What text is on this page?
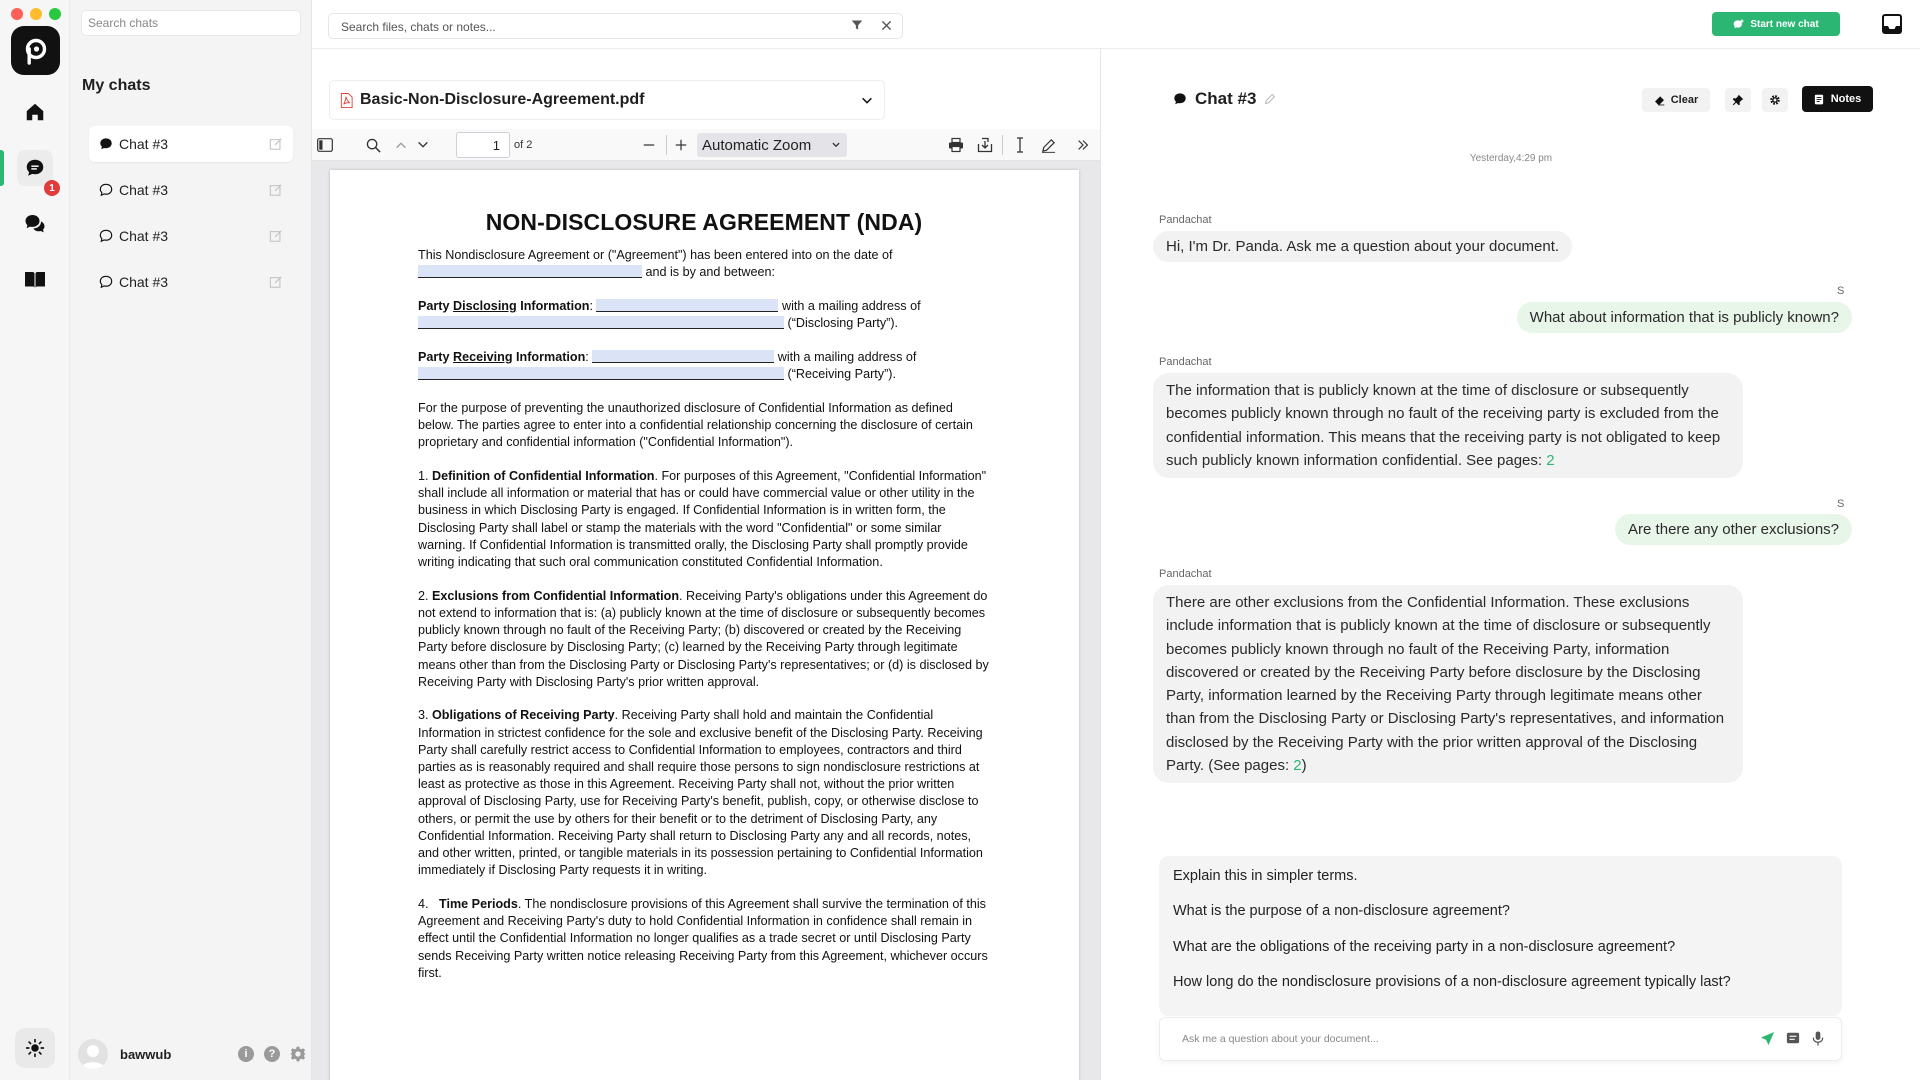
1
Search chats
My chats
Chat #3
Chat #3
Chat #3
Chat #3
bawwub	i	?
Search files, chats or notes...	Start new chat
Basic-Non-Disclosure-Agreement.pdf
1	of 2	Automatic Zoom
NON-DISCLOSURE AGREEMENT (NDA)

This Nondisclosure Agreement or ("Agreement") has been entered into on the date of
and is by and between:

Party Disclosing Information:	with a mailing address of
(“Disclosing Party”).

Party Receiving Information:	with a mailing address of
(“Receiving Party”).

For the purpose of preventing the unauthorized disclosure of Confidential Information as defined below. The parties agree to enter into a confidential relationship concerning the disclosure of certain proprietary and confidential information ("Confidential Information").

1. Definition of Confidential Information. For purposes of this Agreement, "Confidential Information" shall include all information or material that has or could have commercial value or other utility in the business in which Disclosing Party is engaged. If Confidential Information is in written form, the Disclosing Party shall label or stamp the materials with the word "Confidential" or some similar warning. If Confidential Information is transmitted orally, the Disclosing Party shall promptly provide writing indicating that such oral communication constituted Confidential Information.

2. Exclusions from Confidential Information. Receiving Party's obligations under this Agreement do not extend to information that is: (a) publicly known at the time of disclosure or subsequently becomes publicly known through no fault of the Receiving Party; (b) discovered or created by the Receiving Party before disclosure by Disclosing Party; (c) learned by the Receiving Party through legitimate means other than from the Disclosing Party or Disclosing Party's representatives; or (d) is disclosed by Receiving Party with Disclosing Party's prior written approval.

3. Obligations of Receiving Party. Receiving Party shall hold and maintain the Confidential Information in strictest confidence for the sole and exclusive benefit of the Disclosing Party. Receiving Party shall carefully restrict access to Confidential Information to employees, contractors and third parties as is reasonably required and shall require those persons to sign nondisclosure restrictions at least as protective as those in this Agreement. Receiving Party shall not, without the prior written approval of Disclosing Party, use for Receiving Party's benefit, publish, copy, or otherwise disclose to others, or permit the use by others for their benefit or to the detriment of Disclosing Party, any Confidential Information. Receiving Party shall return to Disclosing Party any and all records, notes, and other written, printed, or tangible materials in its possession pertaining to Confidential Information immediately if Disclosing Party requests it in writing.

4.   Time Periods. The nondisclosure provisions of this Agreement shall survive the termination of this Agreement and Receiving Party's duty to hold Confidential Information in confidence shall remain in effect until the Confidential Information no longer qualifies as a trade secret or until Disclosing Party sends Receiving Party written notice releasing Receiving Party from this Agreement, whichever occurs first.

Chat #3	Clear	Notes
Yesterday,4:29 pm
Pandachat
Hi, I'm Dr. Panda. Ask me a question about your document.
S
What about information that is publicly known?
Pandachat
The information that is publicly known at the time of disclosure or subsequently becomes publicly known through no fault of the receiving party is excluded from the confidential information. This means that the receiving party is not obligated to keep such publicly known information confidential. See pages: 2
S
Are there any other exclusions?
Pandachat
There are other exclusions from the Confidential Information. These exclusions include information that is publicly known at the time of disclosure or subsequently becomes publicly known through no fault of the Receiving Party, information discovered or created by the Receiving Party before disclosure by the Disclosing Party, information learned by the Receiving Party through legitimate means other than from the Disclosing Party or Disclosing Party's representatives, and information disclosed by the Receiving Party with the prior written approval of the Disclosing Party. (See pages: 2)
Explain this in simpler terms.
What is the purpose of a non-disclosure agreement?
What are the obligations of the receiving party in a non-disclosure agreement?
How long do the nondisclosure provisions of a non-disclosure agreement typically last?
Ask me a question about your document...
